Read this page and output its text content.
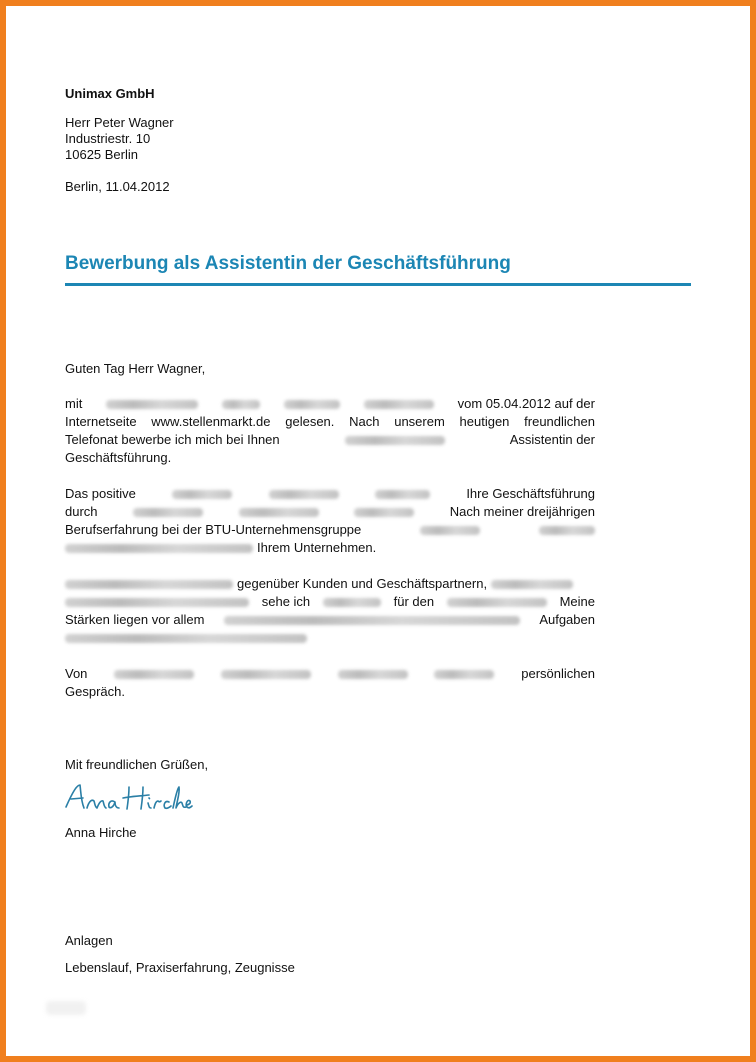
Unimax GmbH
Herr Peter Wagner
Industriestr. 10
10625 Berlin
Berlin, 11.04.2012
Bewerbung als Assistentin der Geschäftsführung
Guten Tag Herr Wagner,
mit	vom 05.04.2012 auf der
Internetseite www.stellenmarkt.de gelesen. Nach unserem heutigen freundlichen
Telefonat bewerbe ich mich bei Ihnen	Assistentin der
Geschäftsführung.
Das positive	Ihre Geschäftsführung
durch	Nach meiner dreijährigen
Berufserfahrung bei der BTU-Unternehmensgruppe
Ihrem Unternehmen.
gegenüber Kunden und Geschäftspartnern,
sehe ich	für den	Meine
Stärken liegen vor allem	Aufgaben
Von	persönlichen
Gespräch.
Mit freundlichen Grüßen,
Anna Hirche
Anlagen
Lebenslauf, Praxiserfahrung, Zeugnisse
